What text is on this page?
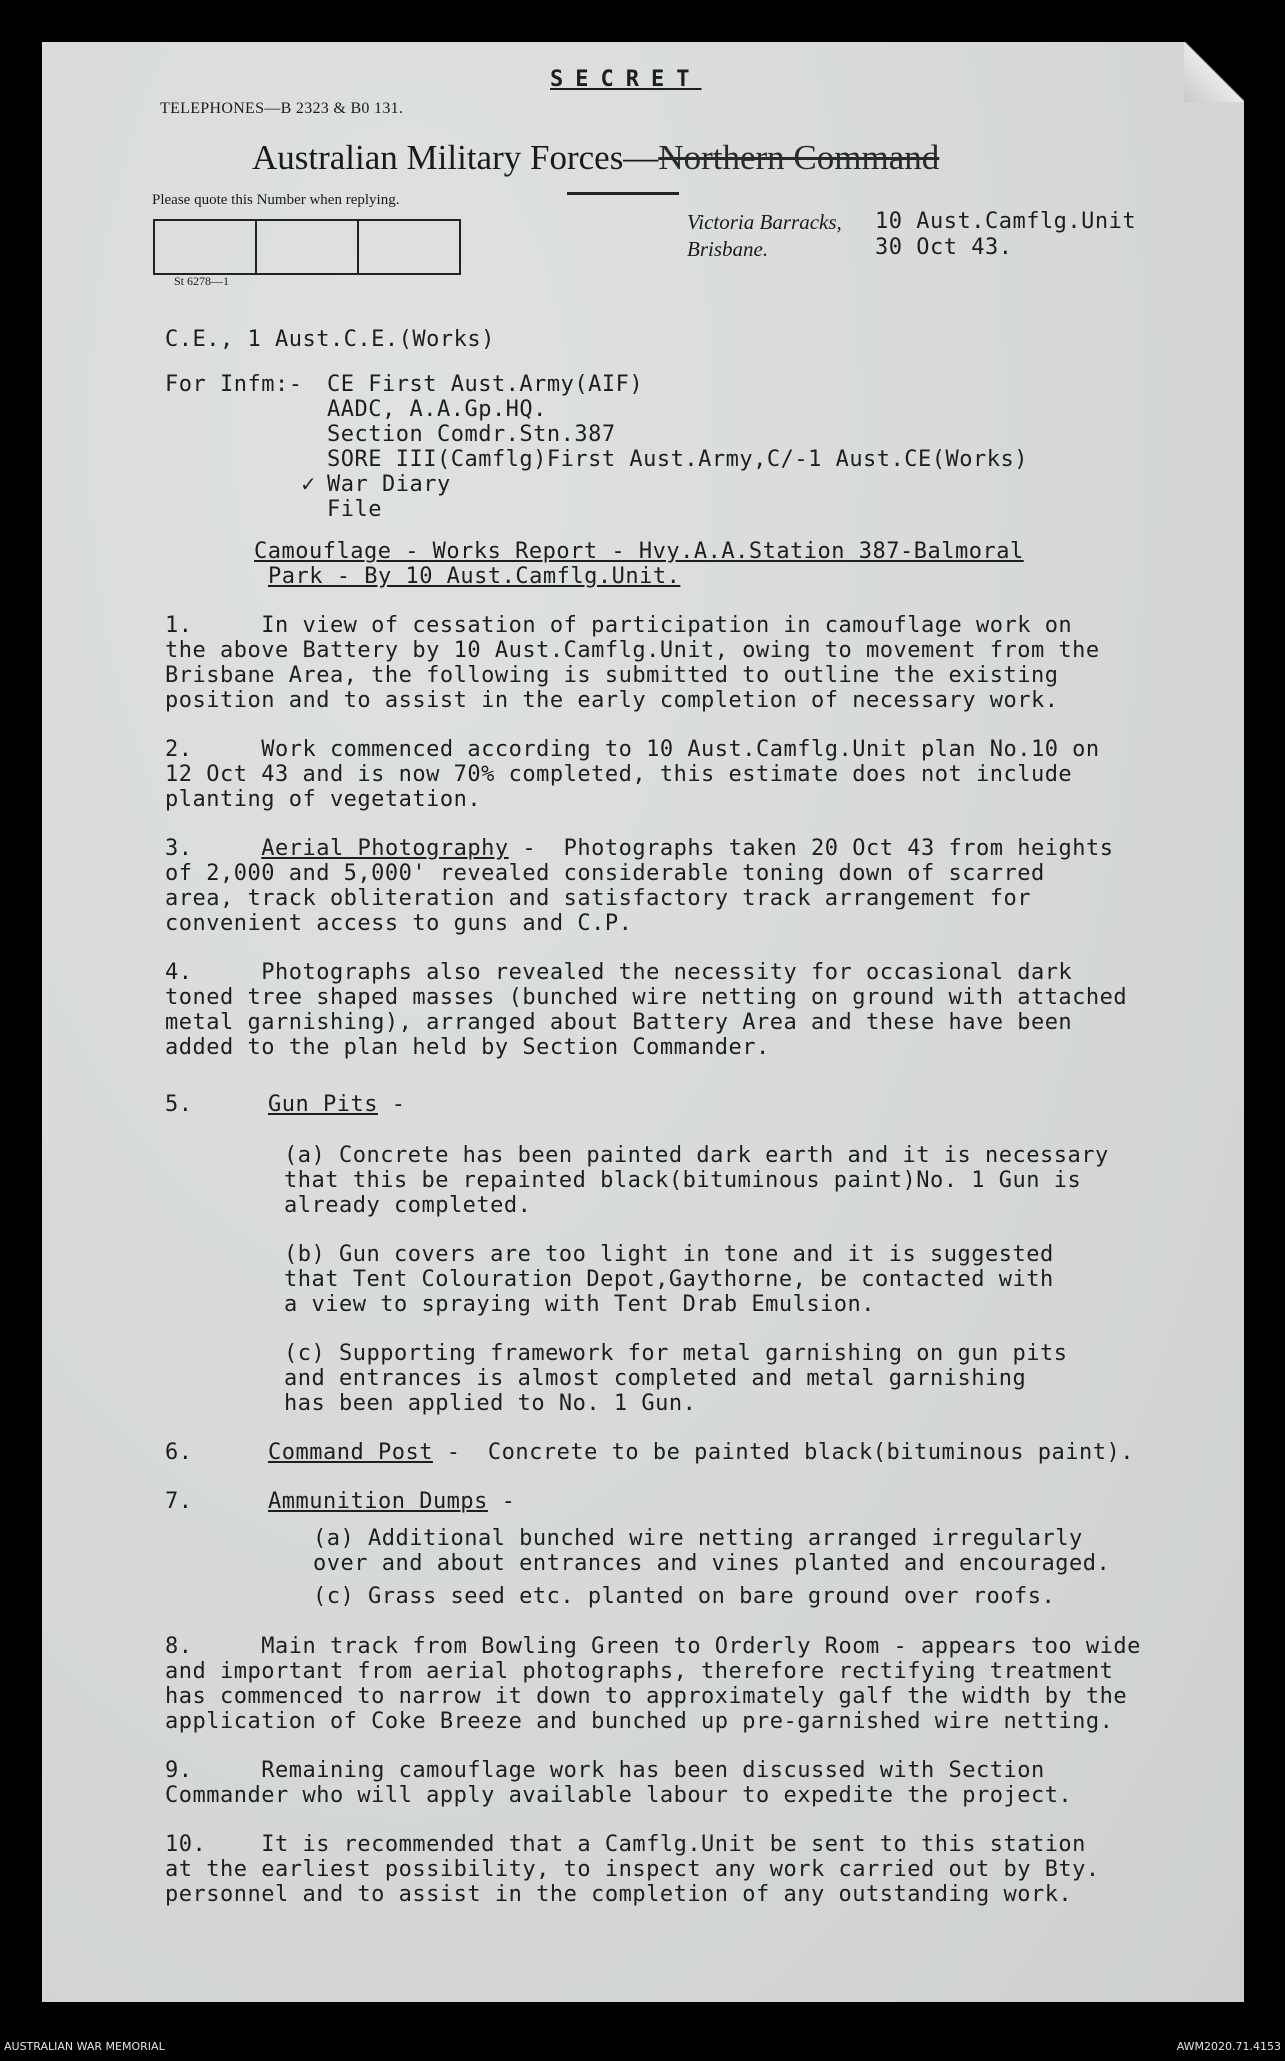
SECRET
TELEPHONES—B 2323 & B0 131.
Australian Military Forces—Northern Command
Please quote this Number when replying.
St 6278—1
Victoria Barracks,
Brisbane.
10 Aust.Camflg.Unit
30 Oct 43.
C.E., 1 Aust.C.E.(Works)
For Infm:- CE First Aust.Army(AIF)
AADC, A.A.Gp.HQ.
Section Comdr.Stn.387
SORE III(Camflg)First Aust.Army,C/-1 Aust.CE(Works)
✓ War Diary
File
Camouflage - Works Report - Hvy.A.A.Station 387-Balmoral
Park - By 10 Aust.Camflg.Unit.
1.     In view of cessation of participation in camouflage work on
the above Battery by 10 Aust.Camflg.Unit, owing to movement from the
Brisbane Area, the following is submitted to outline the existing
position and to assist in the early completion of necessary work.
2.     Work commenced according to 10 Aust.Camflg.Unit plan No.10 on
12 Oct 43 and is now 70% completed, this estimate does not include
planting of vegetation.
3.	Aerial Photography -  Photographs taken 20 Oct 43 from heights
of 2,000 and 5,000' revealed considerable toning down of scarred
area, track obliteration and satisfactory track arrangement for
convenient access to guns and C.P.
4.     Photographs also revealed the necessity for occasional dark
toned tree shaped masses (bunched wire netting on ground with attached
metal garnishing), arranged about Battery Area and these have been
added to the plan held by Section Commander.
5.	Gun Pits -
(a) Concrete has been painted dark earth and it is necessary
that this be repainted black(bituminous paint)No. 1 Gun is
already completed.
(b) Gun covers are too light in tone and it is suggested
that Tent Colouration Depot,Gaythorne, be contacted with
a view to spraying with Tent Drab Emulsion.
(c) Supporting framework for metal garnishing on gun pits
and entrances is almost completed and metal garnishing
has been applied to No. 1 Gun.
6.	Command Post -  Concrete to be painted black(bituminous paint).
7.	Ammunition Dumps -
(a) Additional bunched wire netting arranged irregularly
over and about entrances and vines planted and encouraged.
(c) Grass seed etc. planted on bare ground over roofs.
8.     Main track from Bowling Green to Orderly Room - appears too wide
and important from aerial photographs, therefore rectifying treatment
has commenced to narrow it down to approximately galf the width by the
application of Coke Breeze and bunched up pre-garnished wire netting.
9.     Remaining camouflage work has been discussed with Section
Commander who will apply available labour to expedite the project.
10.    It is recommended that a Camflg.Unit be sent to this station
at the earliest possibility, to inspect any work carried out by Bty.
personnel and to assist in the completion of any outstanding work.
AUSTRALIAN WAR MEMORIAL	AWM2020.71.4153
